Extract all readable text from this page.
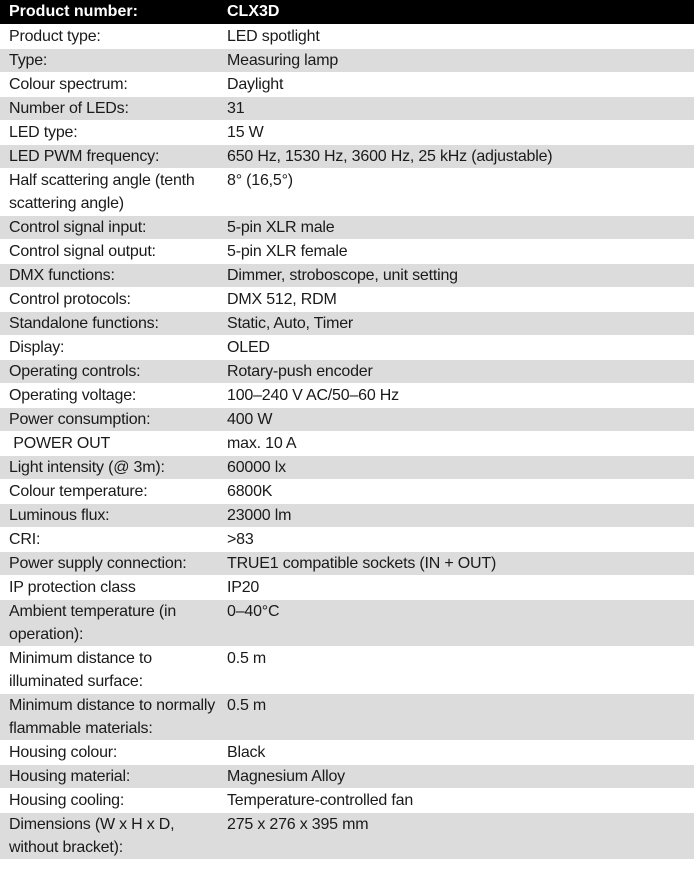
Product number:	CLX3D
Product type:	LED spotlight
Type:	Measuring lamp
Colour spectrum:	Daylight
Number of LEDs:	31
LED type:	15 W
LED PWM frequency:	650 Hz, 1530 Hz, 3600 Hz, 25 kHz (adjustable)
Half scattering angle (tenth scattering angle)	8° (16,5°)
Control signal input:	5-pin XLR male
Control signal output:	5-pin XLR female
DMX functions:	Dimmer, stroboscope, unit setting
Control protocols:	DMX 512, RDM
Standalone functions:	Static, Auto, Timer
Display:	OLED
Operating controls:	Rotary-push encoder
Operating voltage:	100–240 V AC/50–60 Hz
Power consumption:	400 W
POWER OUT	max. 10 A
Light intensity (@ 3m):	60000 lx
Colour temperature:	6800K
Luminous flux:	23000 lm
CRI:	>83
Power supply connection:	TRUE1 compatible sockets (IN + OUT)
IP protection class	IP20
Ambient temperature (in operation):	0–40°C
Minimum distance to illuminated surface:	0.5 m
Minimum distance to normally flammable materials:	0.5 m
Housing colour:	Black
Housing material:	Magnesium Alloy
Housing cooling:	Temperature-controlled fan
Dimensions (W x H x D, without bracket):	275 x 276 x 395 mm
